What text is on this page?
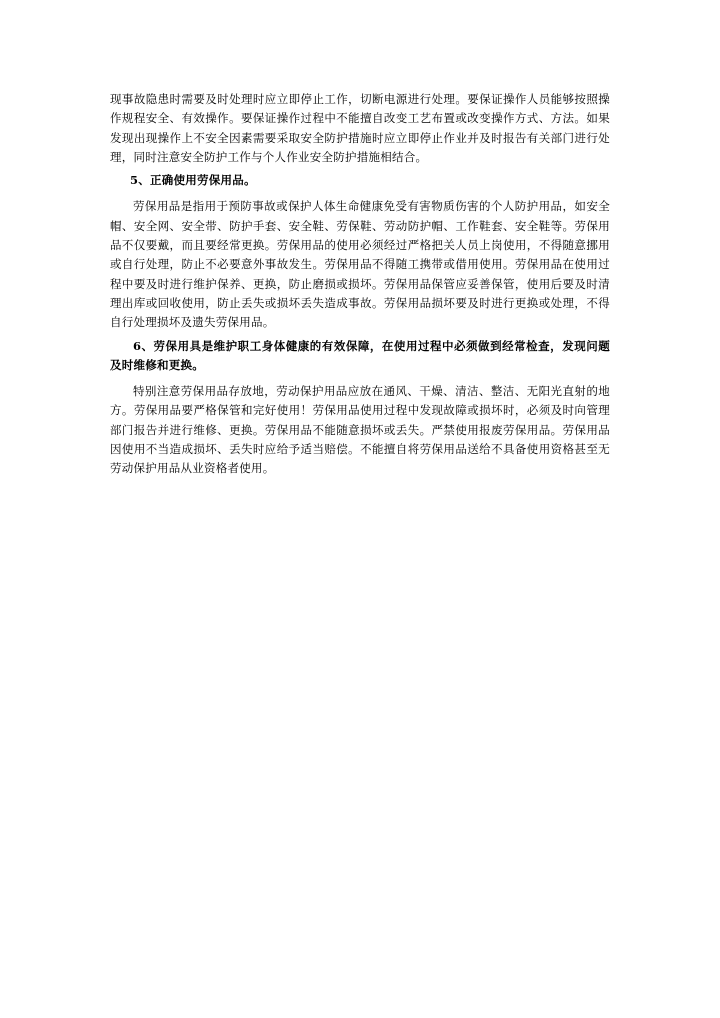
现事故隐患时需要及时处理时应立即停止工作，切断电源进行处理。要保证操作人员能够按照操作规程安全、有效操作。要保证操作过程中不能擅自改变工艺布置或改变操作方式、方法。如果发现出现操作上不安全因素需要采取安全防护措施时应立即停止作业并及时报告有关部门进行处理，同时注意安全防护工作与个人作业安全防护措施相结合。

5、正确使用劳保用品。

劳保用品是指用于预防事故或保护人体生命健康免受有害物质伤害的个人防护用品，如安全帽、安全网、安全带、防护手套、安全鞋、劳保鞋、劳动防护帽、工作鞋套、安全鞋等。劳保用品不仅要戴，而且要经常更换。劳保用品的使用必须经过严格把关人员上岗使用，不得随意挪用或自行处理，防止不必要意外事故发生。劳保用品不得随工携带或借用使用。劳保用品在使用过程中要及时进行维护保养、更换，防止磨损或损坏。劳保用品保管应妥善保管，使用后要及时清理出库或回收使用，防止丢失或损坏丢失造成事故。劳保用品损坏要及时进行更换或处理，不得自行处理损坏及遗失劳保用品。

6、劳保用具是维护职工身体健康的有效保障，在使用过程中必须做到经常检查，发现问题及时维修和更换。

特别注意劳保用品存放地，劳动保护用品应放在通风、干燥、清洁、整洁、无阳光直射的地方。劳保用品要严格保管和完好使用！劳保用品使用过程中发现故障或损坏时，必须及时向管理部门报告并进行维修、更换。劳保用品不能随意损坏或丢失。严禁使用报废劳保用品。劳保用品因使用不当造成损坏、丢失时应给予适当赔偿。不能擅自将劳保用品送给不具备使用资格甚至无劳动保护用品从业资格者使用。
